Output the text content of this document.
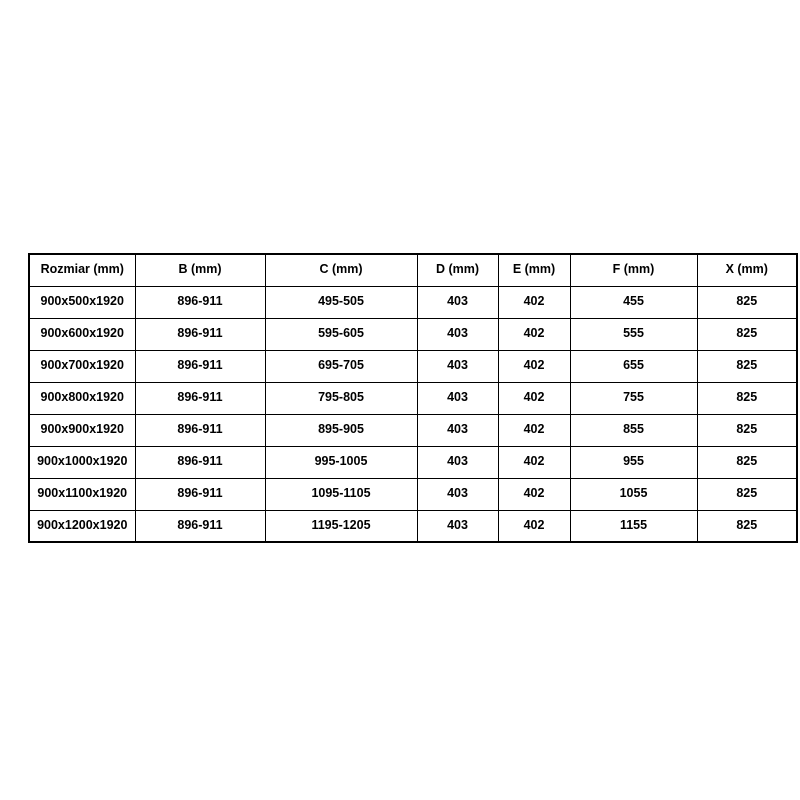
Rozmiar (mm)	B (mm)	C (mm)	D (mm)	E (mm)	F (mm)	X (mm)
900x500x1920	896-911	495-505	403	402	455	825
900x600x1920	896-911	595-605	403	402	555	825
900x700x1920	896-911	695-705	403	402	655	825
900x800x1920	896-911	795-805	403	402	755	825
900x900x1920	896-911	895-905	403	402	855	825
900x1000x1920	896-911	995-1005	403	402	955	825
900x1100x1920	896-911	1095-1105	403	402	1055	825
900x1200x1920	896-911	1195-1205	403	402	1155	825
